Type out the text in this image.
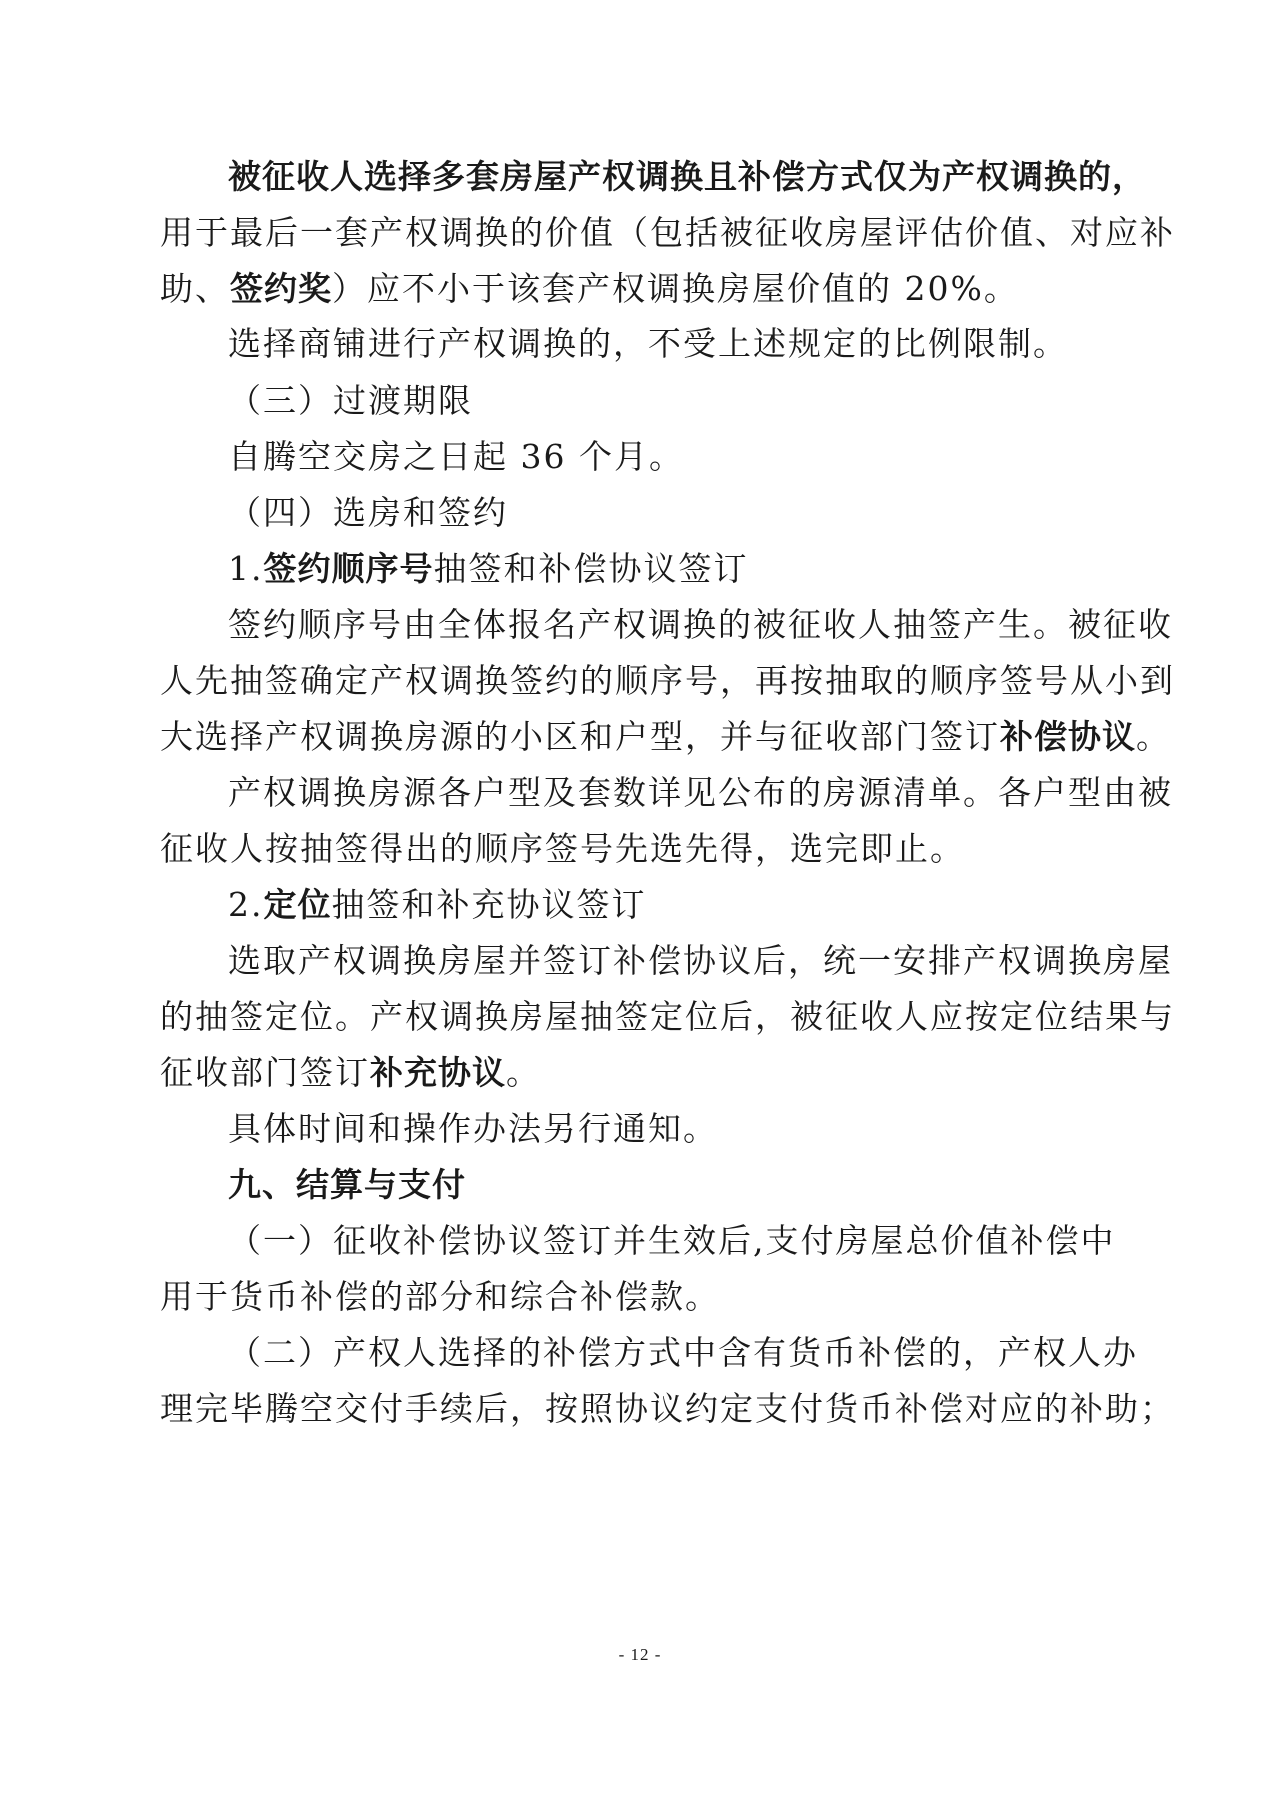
被征收人选择多套房屋产权调换且补偿方式仅为产权调换的，
用于最后一套产权调换的价值（包括被征收房屋评估价值、对应补
助、签约奖）应不小于该套产权调换房屋价值的 20%。
选择商铺进行产权调换的，不受上述规定的比例限制。
（三）过渡期限
自腾空交房之日起 36 个月。
（四）选房和签约
1.签约顺序号抽签和补偿协议签订
签约顺序号由全体报名产权调换的被征收人抽签产生。被征收
人先抽签确定产权调换签约的顺序号，再按抽取的顺序签号从小到
大选择产权调换房源的小区和户型，并与征收部门签订补偿协议。
产权调换房源各户型及套数详见公布的房源清单。各户型由被
征收人按抽签得出的顺序签号先选先得，选完即止。
2.定位抽签和补充协议签订
选取产权调换房屋并签订补偿协议后，统一安排产权调换房屋
的抽签定位。产权调换房屋抽签定位后，被征收人应按定位结果与
征收部门签订补充协议。
具体时间和操作办法另行通知。
九、结算与支付
（一）征收补偿协议签订并生效后,支付房屋总价值补偿中
用于货币补偿的部分和综合补偿款。
（二）产权人选择的补偿方式中含有货币补偿的，产权人办
理完毕腾空交付手续后，按照协议约定支付货币补偿对应的补助；
- 12 -
